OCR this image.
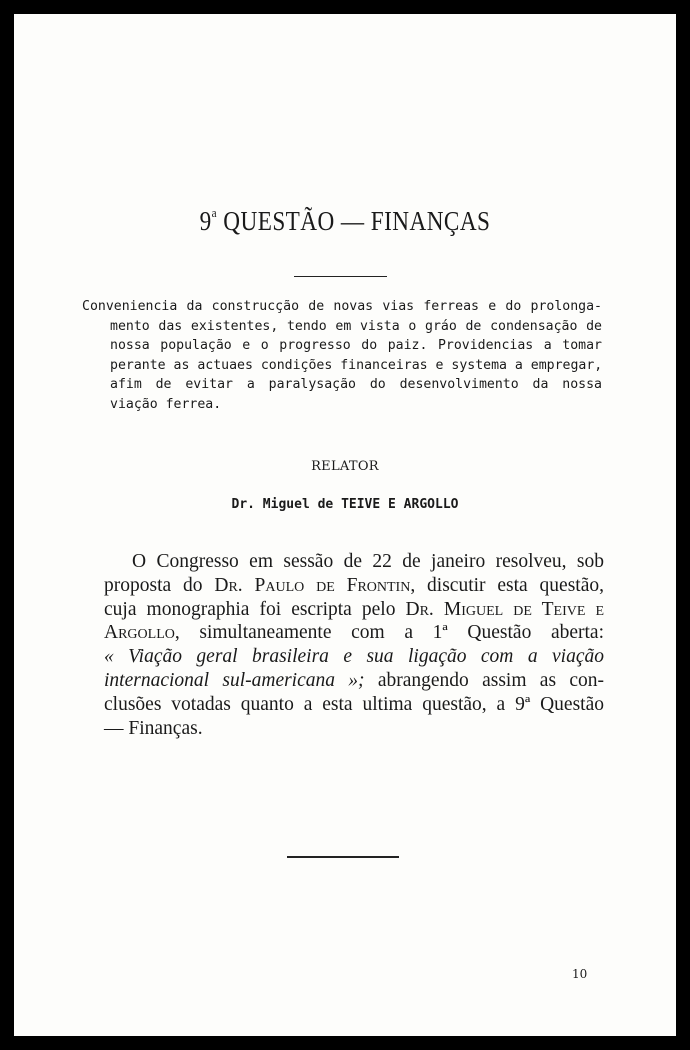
9$^a$ QUESTÃO — FINANÇAS
Conveniencia da construcção de novas vias ferreas e do prolonga-
mento das existentes, tendo em vista o gráo de condensação de
nossa população e o progresso do paiz. Providencias a tomar
perante as actuaes condições financeiras e systema a empregar,
afim de evitar a paralysação do desenvolvimento da nossa
viação ferrea.
RELATOR
Dr. Miguel de TEIVE E ARGOLLO
O Congresso em sessão de 22 de janeiro resolveu, sob
proposta do Dr. Paulo de Frontin, discutir esta questão,
cuja monographia foi escripta pelo Dr. Miguel de Teive e
Argollo, simultaneamente com a 1ª Questão aberta:
« Viação geral brasileira e sua ligação com a viação
internacional sul-americana »; abrangendo assim as con-
clusões votadas quanto a esta ultima questão, a 9ª Questão
— Finanças.
10
